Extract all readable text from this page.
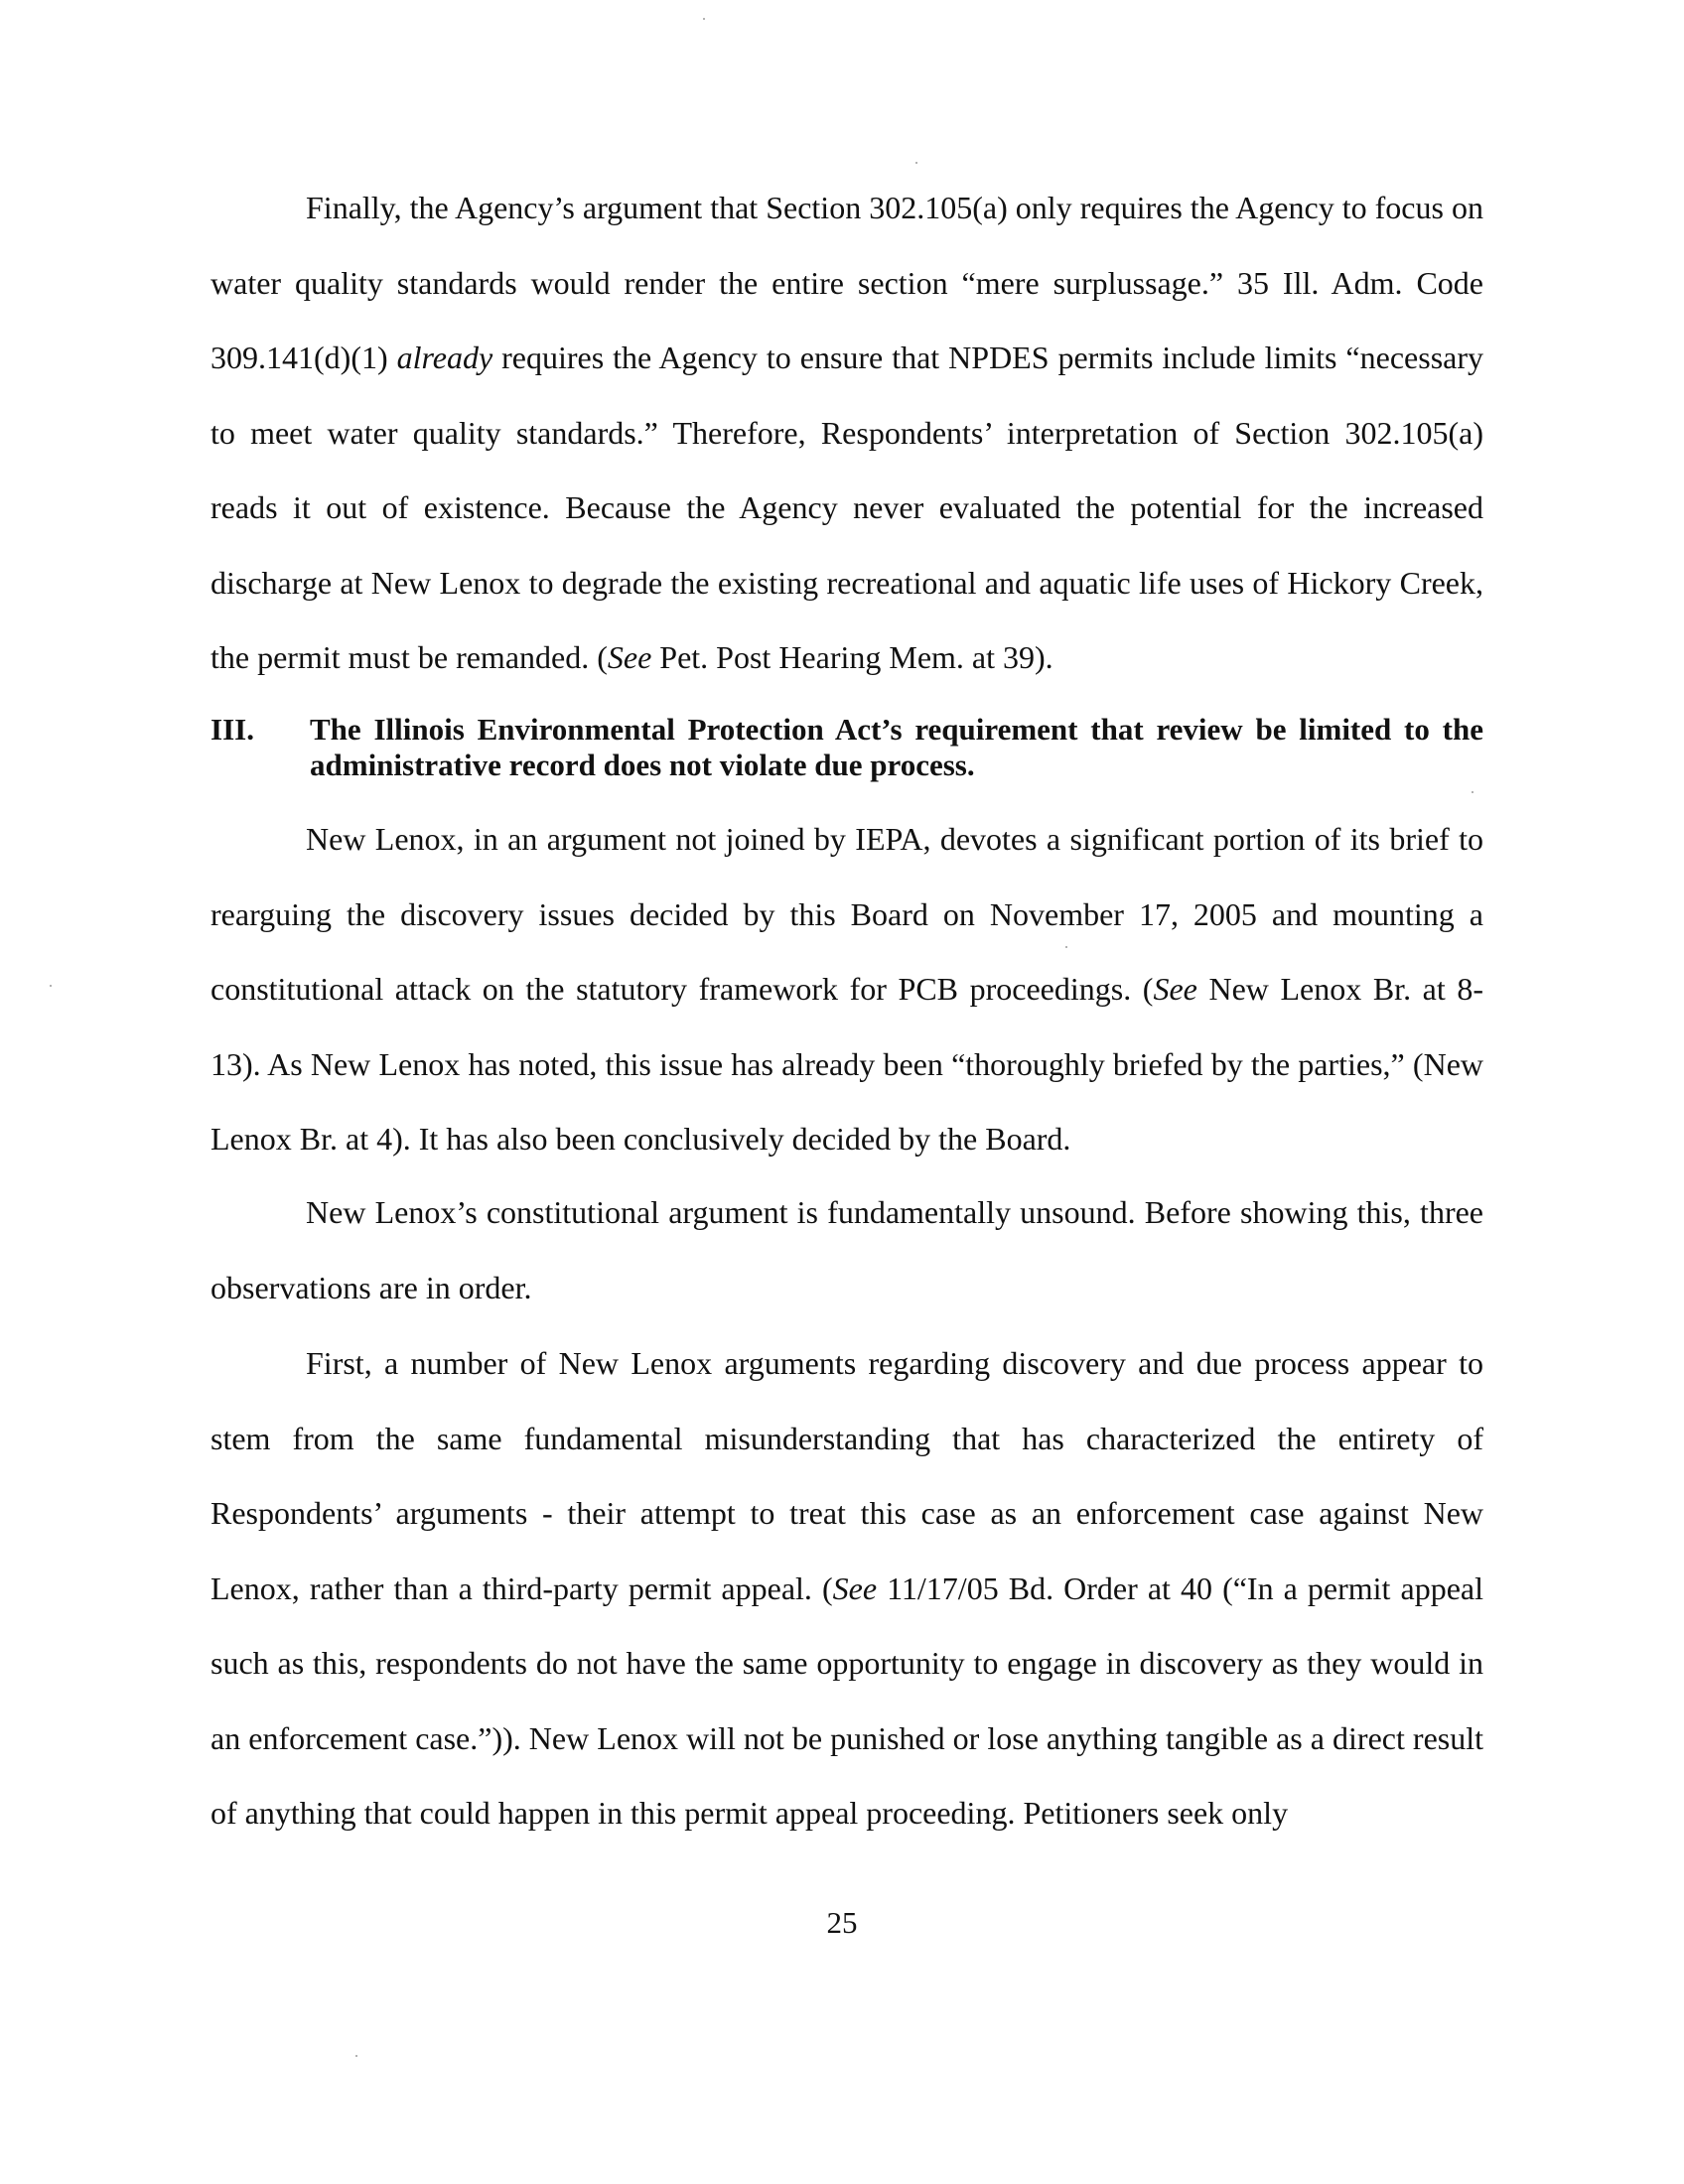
Finally, the Agency’s argument that Section 302.105(a) only requires the Agency to focus on water quality standards would render the entire section “mere surplussage.” 35 Ill. Adm. Code 309.141(d)(1) already requires the Agency to ensure that NPDES permits include limits “necessary to meet water quality standards.” Therefore, Respondents’ interpretation of Section 302.105(a) reads it out of existence. Because the Agency never evaluated the potential for the increased discharge at New Lenox to degrade the existing recreational and aquatic life uses of Hickory Creek, the permit must be remanded. (See Pet. Post Hearing Mem. at 39).

III. The Illinois Environmental Protection Act’s requirement that review be limited to the administrative record does not violate due process.

New Lenox, in an argument not joined by IEPA, devotes a significant portion of its brief to rearguing the discovery issues decided by this Board on November 17, 2005 and mounting a constitutional attack on the statutory framework for PCB proceedings. (See New Lenox Br. at 8-13). As New Lenox has noted, this issue has already been “thoroughly briefed by the parties,” (New Lenox Br. at 4). It has also been conclusively decided by the Board.

New Lenox’s constitutional argument is fundamentally unsound. Before showing this, three observations are in order.

First, a number of New Lenox arguments regarding discovery and due process appear to stem from the same fundamental misunderstanding that has characterized the entirety of Respondents’ arguments - their attempt to treat this case as an enforcement case against New Lenox, rather than a third-party permit appeal. (See 11/17/05 Bd. Order at 40 (“In a permit appeal such as this, respondents do not have the same opportunity to engage in discovery as they would in an enforcement case.”)). New Lenox will not be punished or lose anything tangible as a direct result of anything that could happen in this permit appeal proceeding. Petitioners seek only

25
